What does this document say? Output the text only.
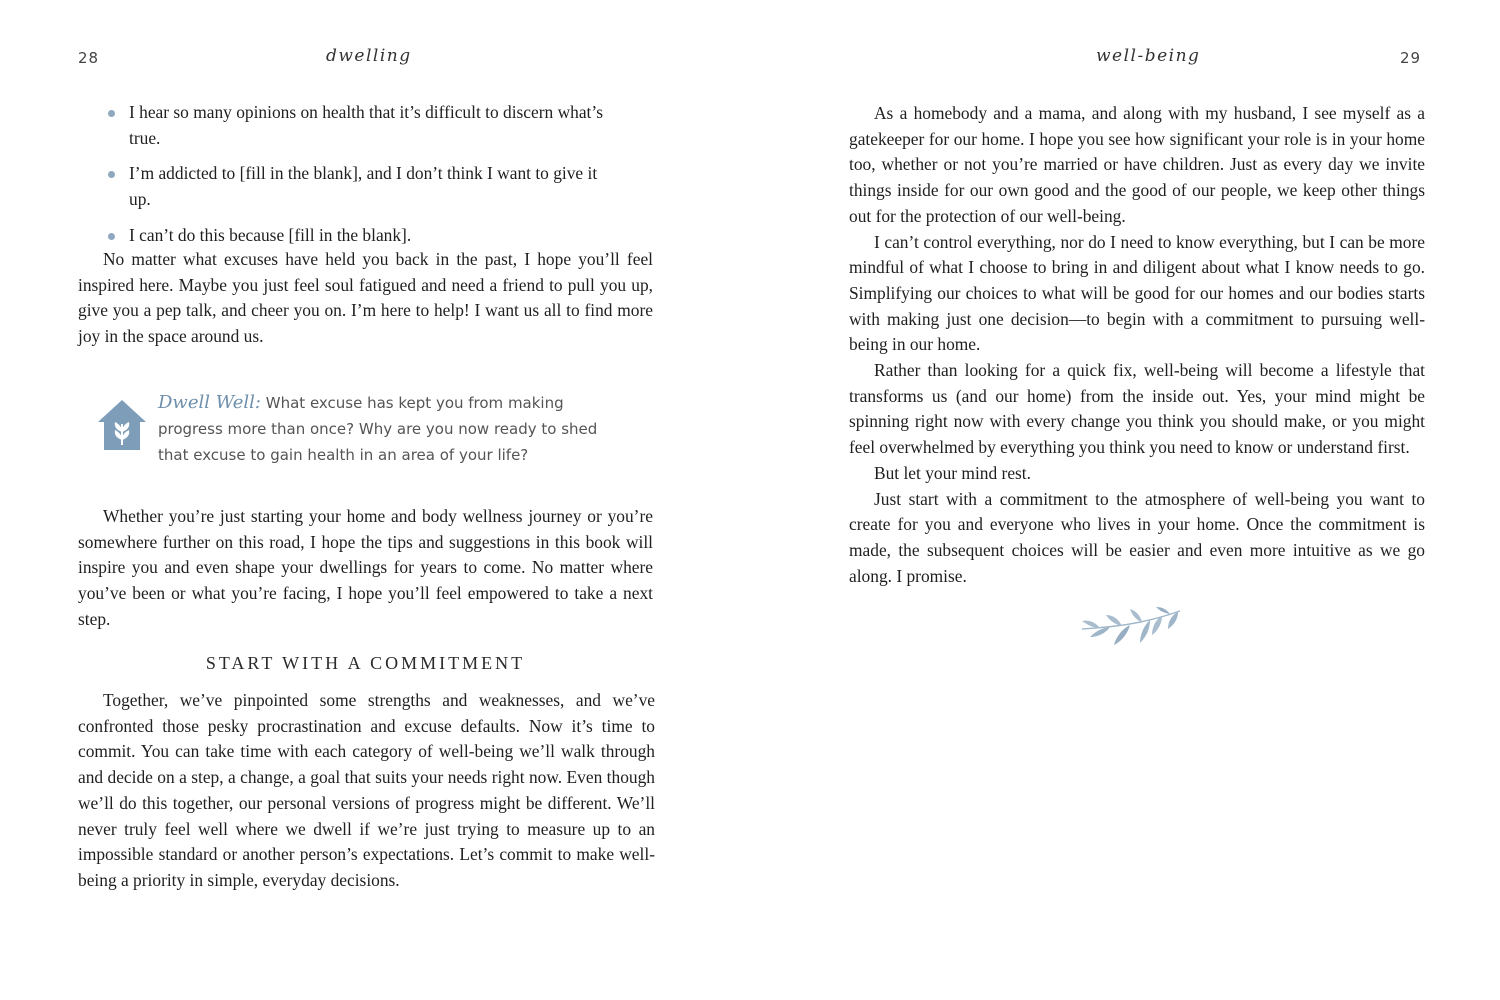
28	dwelling
I hear so many opinions on health that it’s difficult to discern what’s true.
I’m addicted to [fill in the blank], and I don’t think I want to give it up.
I can’t do this because [fill in the blank].

No matter what excuses have held you back in the past, I hope you’ll feel inspired here. Maybe you just feel soul fatigued and need a friend to pull you up, give you a pep talk, and cheer you on. I’m here to help! I want us all to find more joy in the space around us.

Dwell Well: What excuse has kept you from making progress more than once? Why are you now ready to shed that excuse to gain health in an area of your life?

Whether you’re just starting your home and body wellness journey or you’re somewhere further on this road, I hope the tips and suggestions in this book will inspire you and even shape your dwellings for years to come. No matter where you’ve been or what you’re facing, I hope you’ll feel empowered to take a next step.

START WITH A COMMITMENT

Together, we’ve pinpointed some strengths and weaknesses, and we’ve confronted those pesky procrastination and excuse defaults. Now it’s time to commit. You can take time with each category of well-being we’ll walk through and decide on a step, a change, a goal that suits your needs right now. Even though we’ll do this together, our personal versions of progress might be different. We’ll never truly feel well where we dwell if we’re just trying to measure up to an impossible standard or another person’s expectations. Let’s commit to make well-being a priority in simple, everyday decisions.

well-being	29

As a homebody and a mama, and along with my husband, I see myself as a gatekeeper for our home. I hope you see how significant your role is in your home too, whether or not you’re married or have children. Just as every day we invite things inside for our own good and the good of our people, we keep other things out for the protection of our well-being.

I can’t control everything, nor do I need to know everything, but I can be more mindful of what I choose to bring in and diligent about what I know needs to go. Simplifying our choices to what will be good for our homes and our bodies starts with making just one decision—to begin with a commitment to pursuing well-being in our home.

Rather than looking for a quick fix, well-being will become a lifestyle that transforms us (and our home) from the inside out. Yes, your mind might be spinning right now with every change you think you should make, or you might feel overwhelmed by everything you think you need to know or understand first.

But let your mind rest.

Just start with a commitment to the atmosphere of well-being you want to create for you and everyone who lives in your home. Once the commitment is made, the subsequent choices will be easier and even more intuitive as we go along. I promise.
